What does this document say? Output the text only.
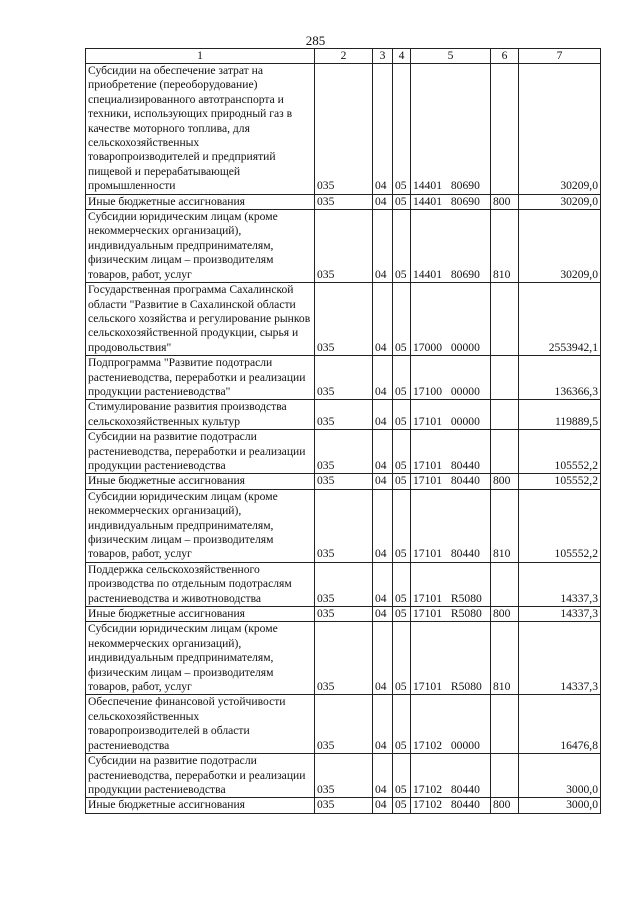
285
1	2	3	4	5	6	7
Субсидии на обеспечение затрат на приобретение (переоборудование) специализированного автотранспорта и техники, использующих природный газ в качестве моторного топлива, для сельскохозяйственных товаропроизводителей и предприятий пищевой и перерабатывающей промышленности	035	04	05	14401 80690		30209,0
Иные бюджетные ассигнования	035	04	05	14401 80690	800	30209,0
Субсидии юридическим лицам (кроме некоммерческих организаций), индивидуальным предпринимателям, физическим лицам – производителям товаров, работ, услуг	035	04	05	14401 80690	810	30209,0
Государственная программа Сахалинской области "Развитие в Сахалинской области сельского хозяйства и регулирование рынков сельскохозяйственной продукции, сырья и продовольствия"	035	04	05	17000 00000		2553942,1
Подпрограмма "Развитие подотрасли растениеводства, переработки и реализации продукции растениеводства"	035	04	05	17100 00000		136366,3
Стимулирование развития производства сельскохозяйственных культур	035	04	05	17101 00000		119889,5
Субсидии на развитие подотрасли растениеводства, переработки и реализации продукции растениеводства	035	04	05	17101 80440		105552,2
Иные бюджетные ассигнования	035	04	05	17101 80440	800	105552,2
Субсидии юридическим лицам (кроме некоммерческих организаций), индивидуальным предпринимателям, физическим лицам – производителям товаров, работ, услуг	035	04	05	17101 80440	810	105552,2
Поддержка сельскохозяйственного производства по отдельным подотраслям растениеводства и животноводства	035	04	05	17101 R5080		14337,3
Иные бюджетные ассигнования	035	04	05	17101 R5080	800	14337,3
Субсидии юридическим лицам (кроме некоммерческих организаций), индивидуальным предпринимателям, физическим лицам – производителям товаров, работ, услуг	035	04	05	17101 R5080	810	14337,3
Обеспечение финансовой устойчивости сельскохозяйственных товаропроизводителей в области растениеводства	035	04	05	17102 00000		16476,8
Субсидии на развитие подотрасли растениеводства, переработки и реализации продукции растениеводства	035	04	05	17102 80440		3000,0
Иные бюджетные ассигнования	035	04	05	17102 80440	800	3000,0
